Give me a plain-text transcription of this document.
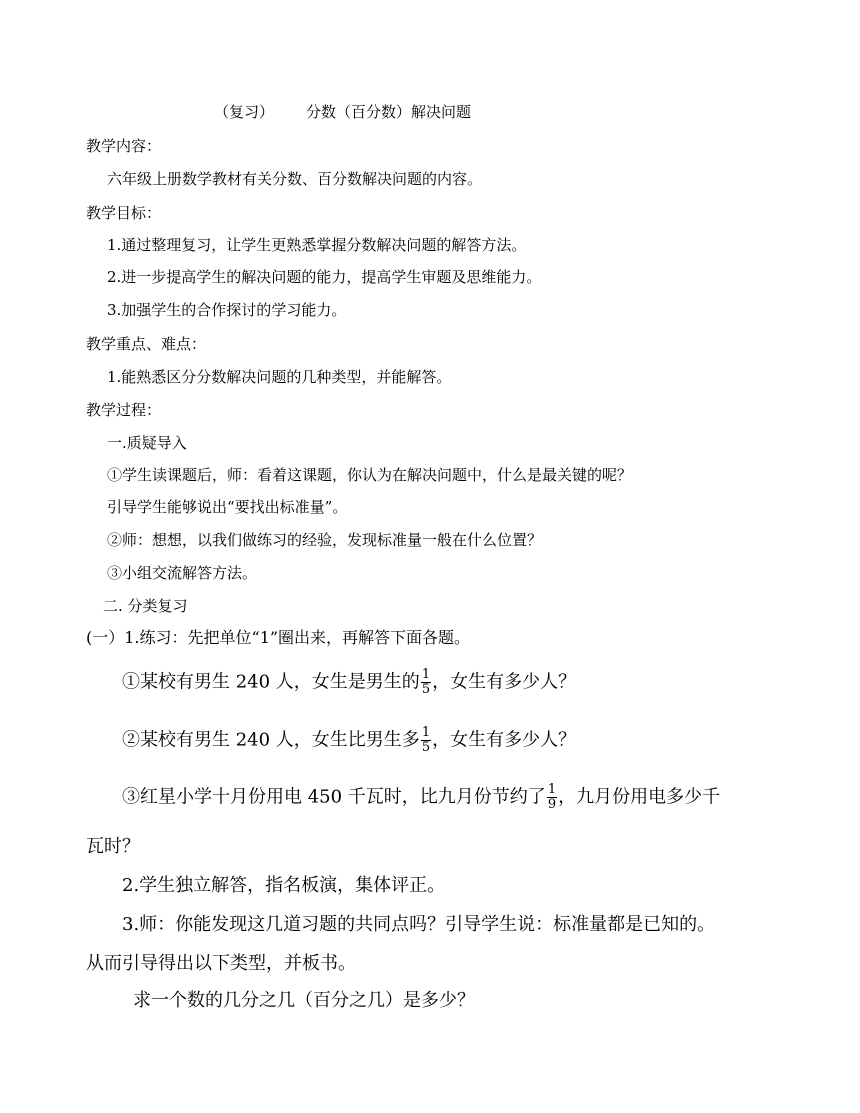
（复习） 分数（百分数）解决问题
教学内容：
六年级上册数学教材有关分数、百分数解决问题的内容。
教学目标：
1.通过整理复习，让学生更熟悉掌握分数解决问题的解答方法。
2.进一步提高学生的解决问题的能力，提高学生审题及思维能力。
3.加强学生的合作探讨的学习能力。
教学重点、难点：
1.能熟悉区分分数解决问题的几种类型，并能解答。
教学过程：
一.质疑导入
①学生读课题后，师：看着这课题，你认为在解决问题中，什么是最关键的呢？
引导学生能够说出“要找出标准量”。
②师：想想，以我们做练习的经验，发现标准量一般在什么位置？
③小组交流解答方法。
二. 分类复习
(一）1.练习：先把单位“1”圈出来，再解答下面各题。
①某校有男生 240 人，女生是男生的 $\frac{1}{5}$ ，女生有多少人？
②某校有男生 240 人，女生比男生多 $\frac{1}{5}$ ，女生有多少人？
③红星小学十月份用电 450 千瓦时，比九月份节约了 $\frac{1}{9}$ ，九月份用电多少千
瓦时？
2.学生独立解答，指名板演，集体评正。
3.师：你能发现这几道习题的共同点吗？引导学生说：标准量都是已知的。
从而引导得出以下类型，并板书。
求一个数的几分之几（百分之几）是多少？
